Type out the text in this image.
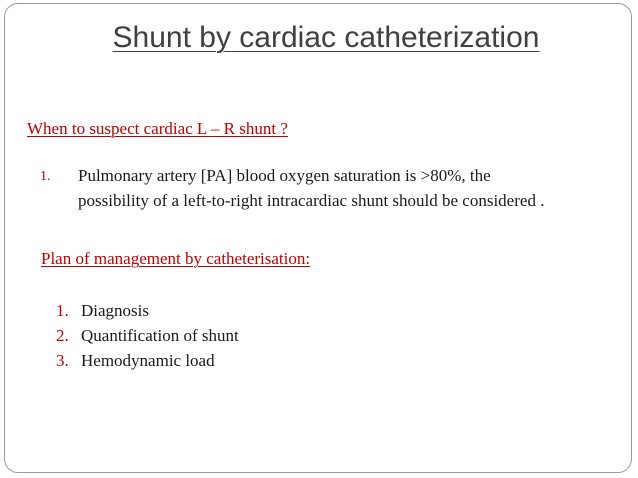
Shunt by cardiac catheterization
When to suspect cardiac L – R shunt ?
1. Pulmonary artery [PA] blood oxygen saturation is >80%, the
possibility of a left-to-right intracardiac shunt should be considered .
Plan of management by catheterisation:
1. Diagnosis
2. Quantification of shunt
3. Hemodynamic load
